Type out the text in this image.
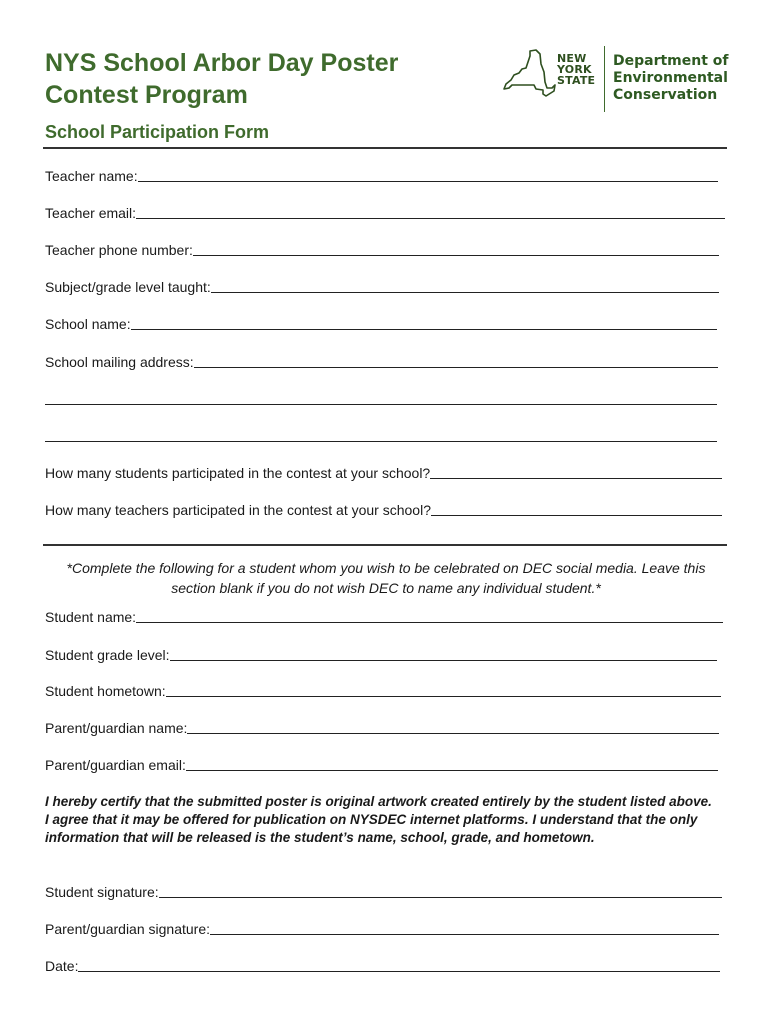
NYS School Arbor Day Poster
Contest Program
NEW
YORK
STATE
Department of
Environmental
Conservation
School Participation Form
Teacher name:
Teacher email:
Teacher phone number:
Subject/grade level taught:
School name:
School mailing address:
How many students participated in the contest at your school?
How many teachers participated in the contest at your school?
*Complete the following for a student whom you wish to be celebrated on DEC social media. Leave this section blank if you do not wish DEC to name any individual student.*
Student name:
Student grade level:
Student hometown:
Parent/guardian name:
Parent/guardian email:
I hereby certify that the submitted poster is original artwork created entirely by the student listed above. I agree that it may be offered for publication on NYSDEC internet platforms. I understand that the only information that will be released is the student’s name, school, grade, and hometown.
Student signature:
Parent/guardian signature:
Date:
